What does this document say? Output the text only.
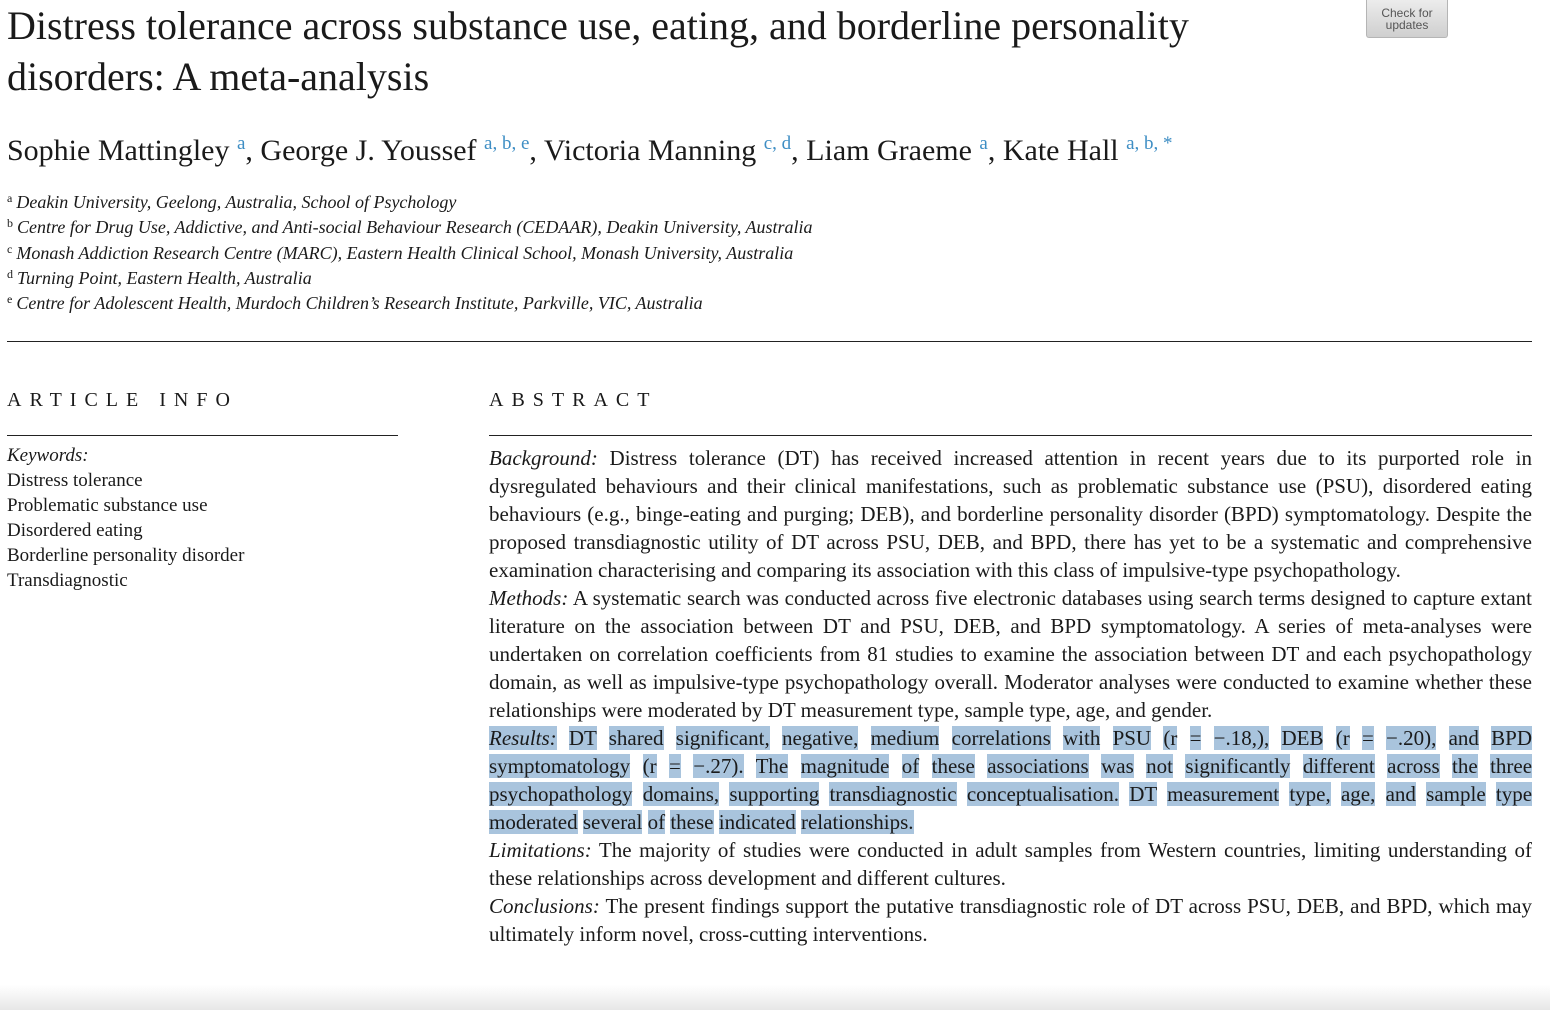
Distress tolerance across substance use, eating, and borderline personality disorders: A meta-analysis
Check for
updates
Sophie Mattingley $^a$, George J. Youssef $^{a, b, e}$, Victoria Manning $^{c, d}$, Liam Graeme $^a$, Kate Hall $^{a, b, *}$
$^a$ Deakin University, Geelong, Australia, School of Psychology
$^b$ Centre for Drug Use, Addictive, and Anti-social Behaviour Research (CEDAAR), Deakin University, Australia
$^c$ Monash Addiction Research Centre (MARC), Eastern Health Clinical School, Monash University, Australia
$^d$ Turning Point, Eastern Health, Australia
$^e$ Centre for Adolescent Health, Murdoch Children’s Research Institute, Parkville, VIC, Australia
ARTICLE INFO
Keywords:
Distress tolerance
Problematic substance use
Disordered eating
Borderline personality disorder
Transdiagnostic
ABSTRACT

Background: Distress tolerance (DT) has received increased attention in recent years due to its purported role in dysregulated behaviours and their clinical manifestations, such as problematic substance use (PSU), disordered eating behaviours (e.g., binge-eating and purging; DEB), and borderline personality disorder (BPD) symptomatology. Despite the proposed transdiagnostic utility of DT across PSU, DEB, and BPD, there has yet to be a systematic and comprehensive examination characterising and comparing its association with this class of impulsive-type psychopathology.

Methods: A systematic search was conducted across five electronic databases using search terms designed to capture extant literature on the association between DT and PSU, DEB, and BPD symptomatology. A series of meta-analyses were undertaken on correlation coefficients from 81 studies to examine the association between DT and each psychopathology domain, as well as impulsive-type psychopathology overall. Moderator analyses were conducted to examine whether these relationships were moderated by DT measurement type, sample type, age, and gender.

Results: DT shared significant, negative, medium correlations with PSU (r = −.18,), DEB (r = −.20), and BPD symptomatology (r = −.27). The magnitude of these associations was not significantly different across the three psychopathology domains, supporting transdiagnostic conceptualisation. DT measurement type, age, and sample type moderated several of these indicated relationships.

Limitations: The majority of studies were conducted in adult samples from Western countries, limiting understanding of these relationships across development and different cultures.

Conclusions: The present findings support the putative transdiagnostic role of DT across PSU, DEB, and BPD, which may ultimately inform novel, cross-cutting interventions.
